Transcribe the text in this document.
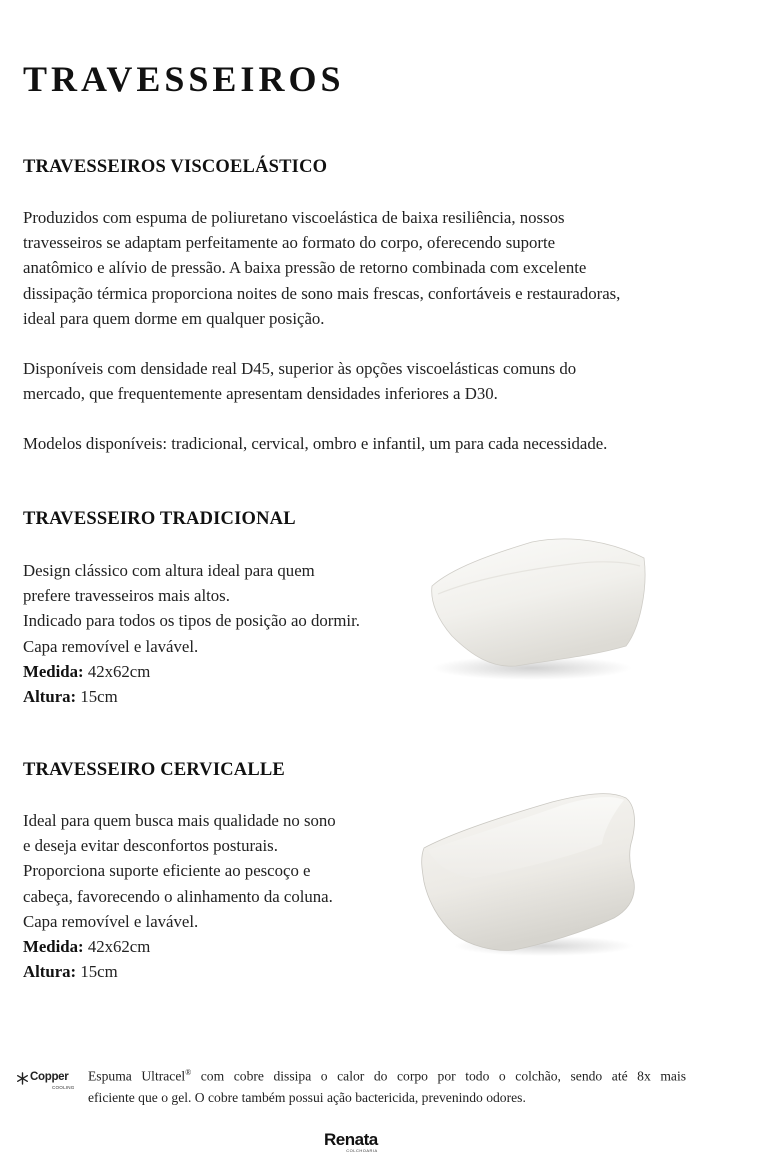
TRAVESSEIROS
TRAVESSEIROS VISCOELÁSTICO

Produzidos com espuma de poliuretano viscoelástica de baixa resiliência, nossos
travesseiros se adaptam perfeitamente ao formato do corpo, oferecendo suporte
anatômico e alívio de pressão. A baixa pressão de retorno combinada com excelente
dissipação térmica proporciona noites de sono mais frescas, confortáveis e restauradoras,
ideal para quem dorme em qualquer posição.

Disponíveis com densidade real D45, superior às opções viscoelásticas comuns do
mercado, que frequentemente apresentam densidades inferiores a D30.

Modelos disponíveis: tradicional, cervical, ombro e infantil, um para cada necessidade.

TRAVESSEIRO TRADICIONAL

Design clássico com altura ideal para quem
prefere travesseiros mais altos.
Indicado para todos os tipos de posição ao dormir.
Capa removível e lavável.
Medida: 42x62cm
Altura: 15cm

TRAVESSEIRO CERVICALLE

Ideal para quem busca mais qualidade no sono
e deseja evitar desconfortos posturais.
Proporciona suporte eficiente ao pescoço e
cabeça, favorecendo o alinhamento da coluna.
Capa removível e lavável.
Medida: 42x62cm
Altura: 15cm

Copper
COOLING

Espuma Ultracel® com cobre dissipa o calor do corpo por todo o colchão, sendo até 8x mais
eficiente que o gel. O cobre também possui ação bactericida, prevenindo odores.

Renata
COLCHOARIA
